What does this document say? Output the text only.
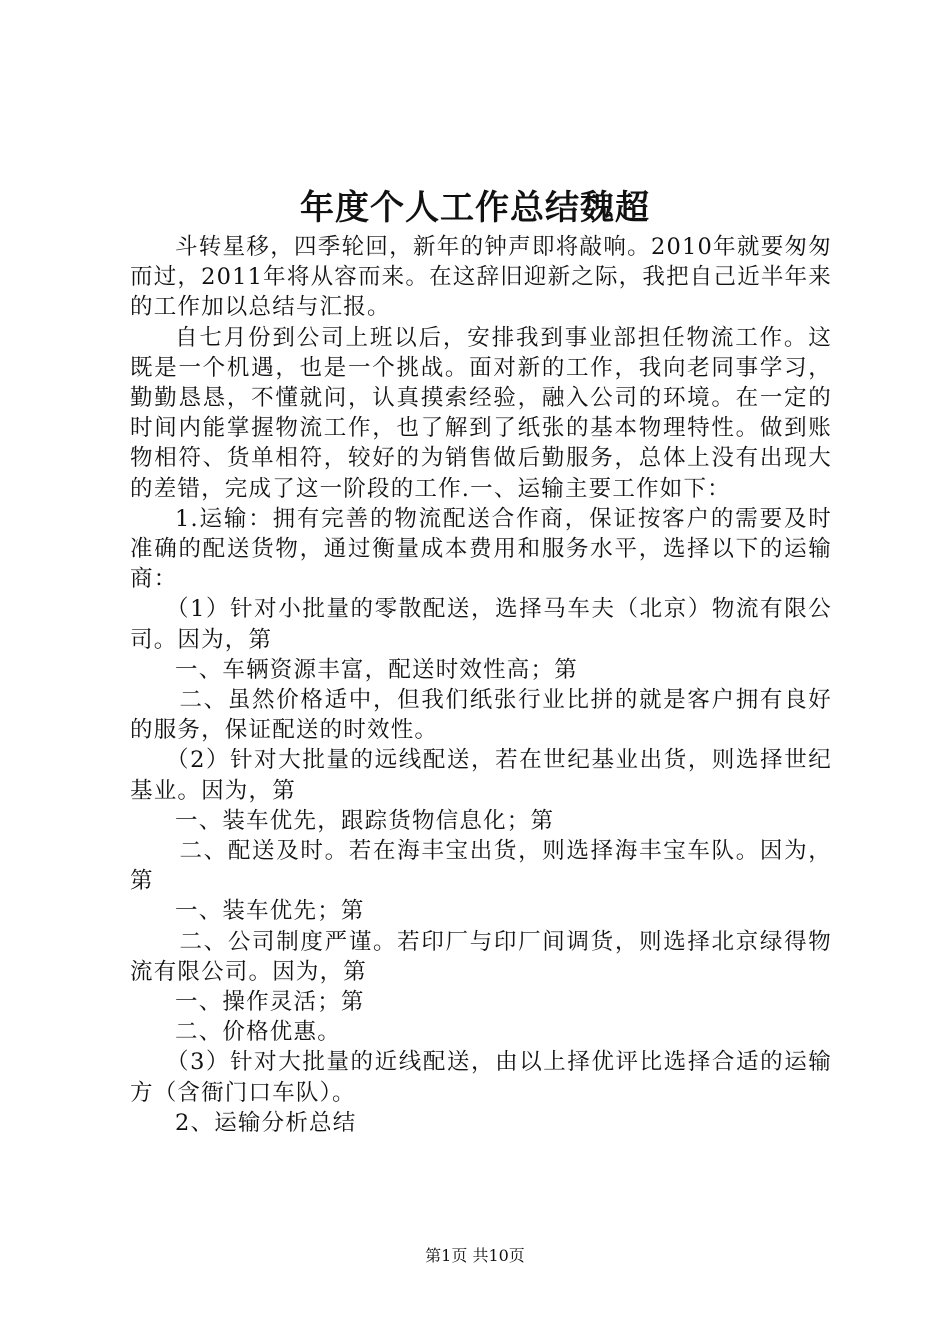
年度个人工作总结魏超

斗转星移，四季轮回，新年的钟声即将敲响。2010年就要匆匆而过，2011年将从容而来。在这辞旧迎新之际，我把自己近半年来的工作加以总结与汇报。

自七月份到公司上班以后，安排我到事业部担任物流工作。这既是一个机遇，也是一个挑战。面对新的工作，我向老同事学习，勤勤恳恳，不懂就问，认真摸索经验，融入公司的环境。在一定的时间内能掌握物流工作，也了解到了纸张的基本物理特性。做到账物相符、货单相符，较好的为销售做后勤服务，总体上没有出现大的差错，完成了这一阶段的工作.一、运输主要工作如下：

1.运输：拥有完善的物流配送合作商，保证按客户的需要及时准确的配送货物，通过衡量成本费用和服务水平，选择以下的运输商：

（1）针对小批量的零散配送，选择马车夫（北京）物流有限公司。因为，第

一、车辆资源丰富，配送时效性高；第

二、虽然价格适中，但我们纸张行业比拼的就是客户拥有良好的服务，保证配送的时效性。

（2）针对大批量的远线配送，若在世纪基业出货，则选择世纪基业。因为，第

一、装车优先，跟踪货物信息化；第

二、配送及时。若在海丰宝出货，则选择海丰宝车队。因为，第

一、装车优先；第

二、公司制度严谨。若印厂与印厂间调货，则选择北京绿得物流有限公司。因为，第

一、操作灵活；第

二、价格优惠。

（3）针对大批量的近线配送，由以上择优评比选择合适的运输方（含衙门口车队）。

2、运输分析总结

第1页 共10页
